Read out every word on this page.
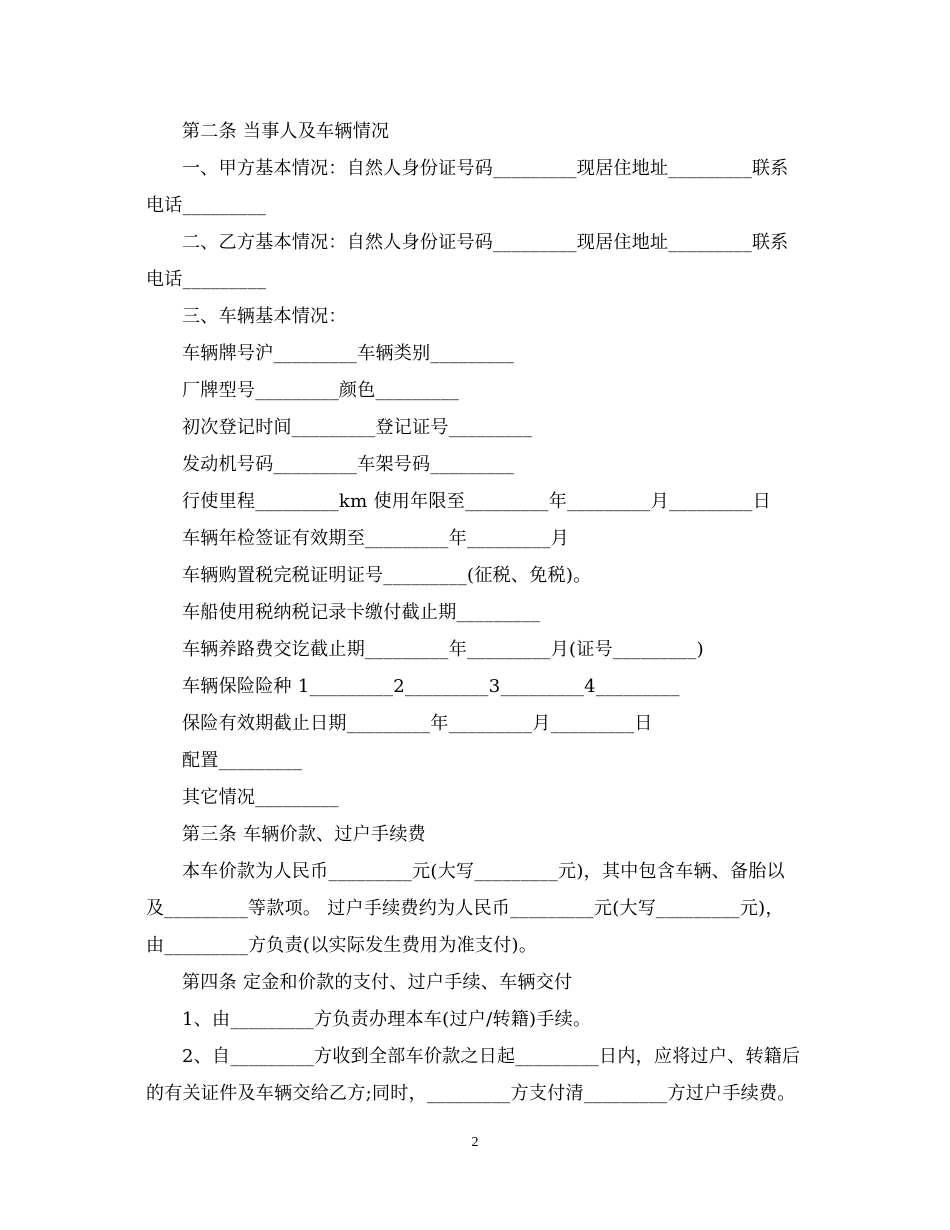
第二条 当事人及车辆情况
一、甲方基本情况：自然人身份证号码_________现居住地址_________联系
电话_________
二、乙方基本情况：自然人身份证号码_________现居住地址_________联系
电话_________
三、车辆基本情况：
车辆牌号沪_________车辆类别_________
厂牌型号_________颜色_________
初次登记时间_________登记证号_________
发动机号码_________车架号码_________
行使里程_________km 使用年限至_________年_________月_________日
车辆年检签证有效期至_________年_________月
车辆购置税完税证明证号_________(征税、免税)。
车船使用税纳税记录卡缴付截止期_________
车辆养路费交讫截止期_________年_________月(证号_________)
车辆保险险种 1_________2_________3_________4_________
保险有效期截止日期_________年_________月_________日
配置_________
其它情况_________
第三条 车辆价款、过户手续费
本车价款为人民币_________元(大写_________元)，其中包含车辆、备胎以
及_________等款项。 过户手续费约为人民币_________元(大写_________元)，
由_________方负责(以实际发生费用为准支付)。
第四条 定金和价款的支付、过户手续、车辆交付
1、由_________方负责办理本车(过户/转籍)手续。
2、自_________方收到全部车价款之日起_________日内，应将过户、转籍后
的有关证件及车辆交给乙方;同时，_________方支付清_________方过户手续费。
2
